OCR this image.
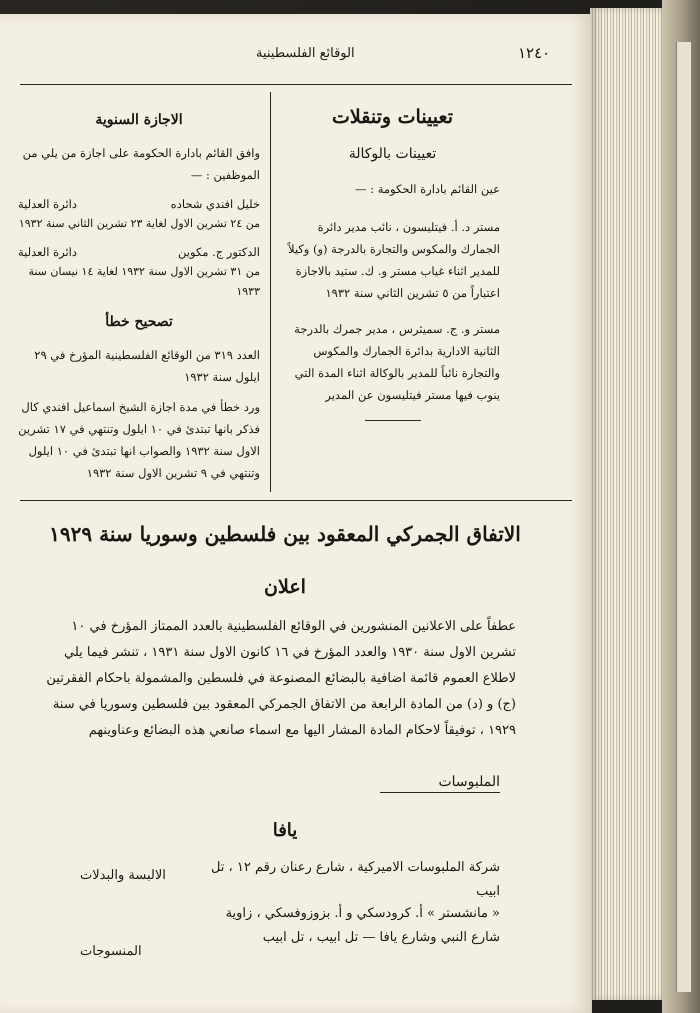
١٢٤٠
الوقائع الفلسطينية
تعيينات وتنقلات
تعيينات بالوكالة
عين القائم بادارة الحكومة : —
مستر د. أ. فيتليسون ، نائب مدير دائرة الجمارك والمكوس والتجارة بالدرجة (و) وكيلاً للمدير اثناء غياب مستر و. ك. ستيد بالاجازة اعتباراً من ٥ تشرين الثاني سنة ١٩٣٢
مستر و. ج. سميثرس ، مدير جمرك بالدرجة الثانية الادارية بدائرة الجمارك والمكوس والتجارة نائباً للمدير بالوكالة اثناء المدة التي ينوب فيها مستر فيتليسون عن المدير
الاجازة السنوية
وافق القائم بادارة الحكومة على اجازة من يلي من الموظفين : —
خليل افندي شحاده
دائرة العدلية
من ٢٤ تشرين الاول لغاية ٢٣ تشرين الثاني سنة ١٩٣٢
الدكتور ج. مكوين
دائرة العدلية
من ٣١ تشرين الاول سنة ١٩٣٢ لغاية ١٤ نيسان سنة ١٩٣٣
تصحيح خطأ
العدد ٣١٩ من الوقائع الفلسطينية المؤرخ في ٢٩ ايلول سنة ١٩٣٢
ورد خطأ في مدة اجازة الشيخ اسماعيل افندي كال فذكر بانها تبتدئ في ١٠ ايلول وتنتهي في ١٧ تشرين الاول سنة ١٩٣٢ والصواب انها تبتدئ في ١٠ ايلول وتنتهي في ٩ تشرين الاول سنة ١٩٣٢
الاتفاق الجمركي المعقود بين فلسطين وسوريا سنة ١٩٢٩
اعلان
عطفاً على الاعلانين المنشورين في الوقائع الفلسطينية بالعدد الممتاز المؤرخ في ١٠ تشرين الاول سنة ١٩٣٠ والعدد المؤرخ في ١٦ كانون الاول سنة ١٩٣١ ، تنشر فيما يلي لاطلاع العموم قائمة اضافية بالبضائع المصنوعة في فلسطين والمشمولة باحكام الفقرتين (ج) و (د) من المادة الرابعة من الاتفاق الجمركي المعقود بين فلسطين وسوريا في سنة ١٩٢٩ ، توفيقاً لاحكام المادة المشار اليها مع اسماء صانعي هذه البضائع وعناوينهم
الملبوسات
يافا
شركة الملبوسات الاميركية ، شارع رعنان رقم ١٢ ، تل ابيب
الالبسة والبدلات
« مانشستر » أ. كرودسكي و أ. بزوزوفسكي ، زاوية شارع النبي وشارع يافا — تل ابيب ، تل ابيب
المنسوجات
